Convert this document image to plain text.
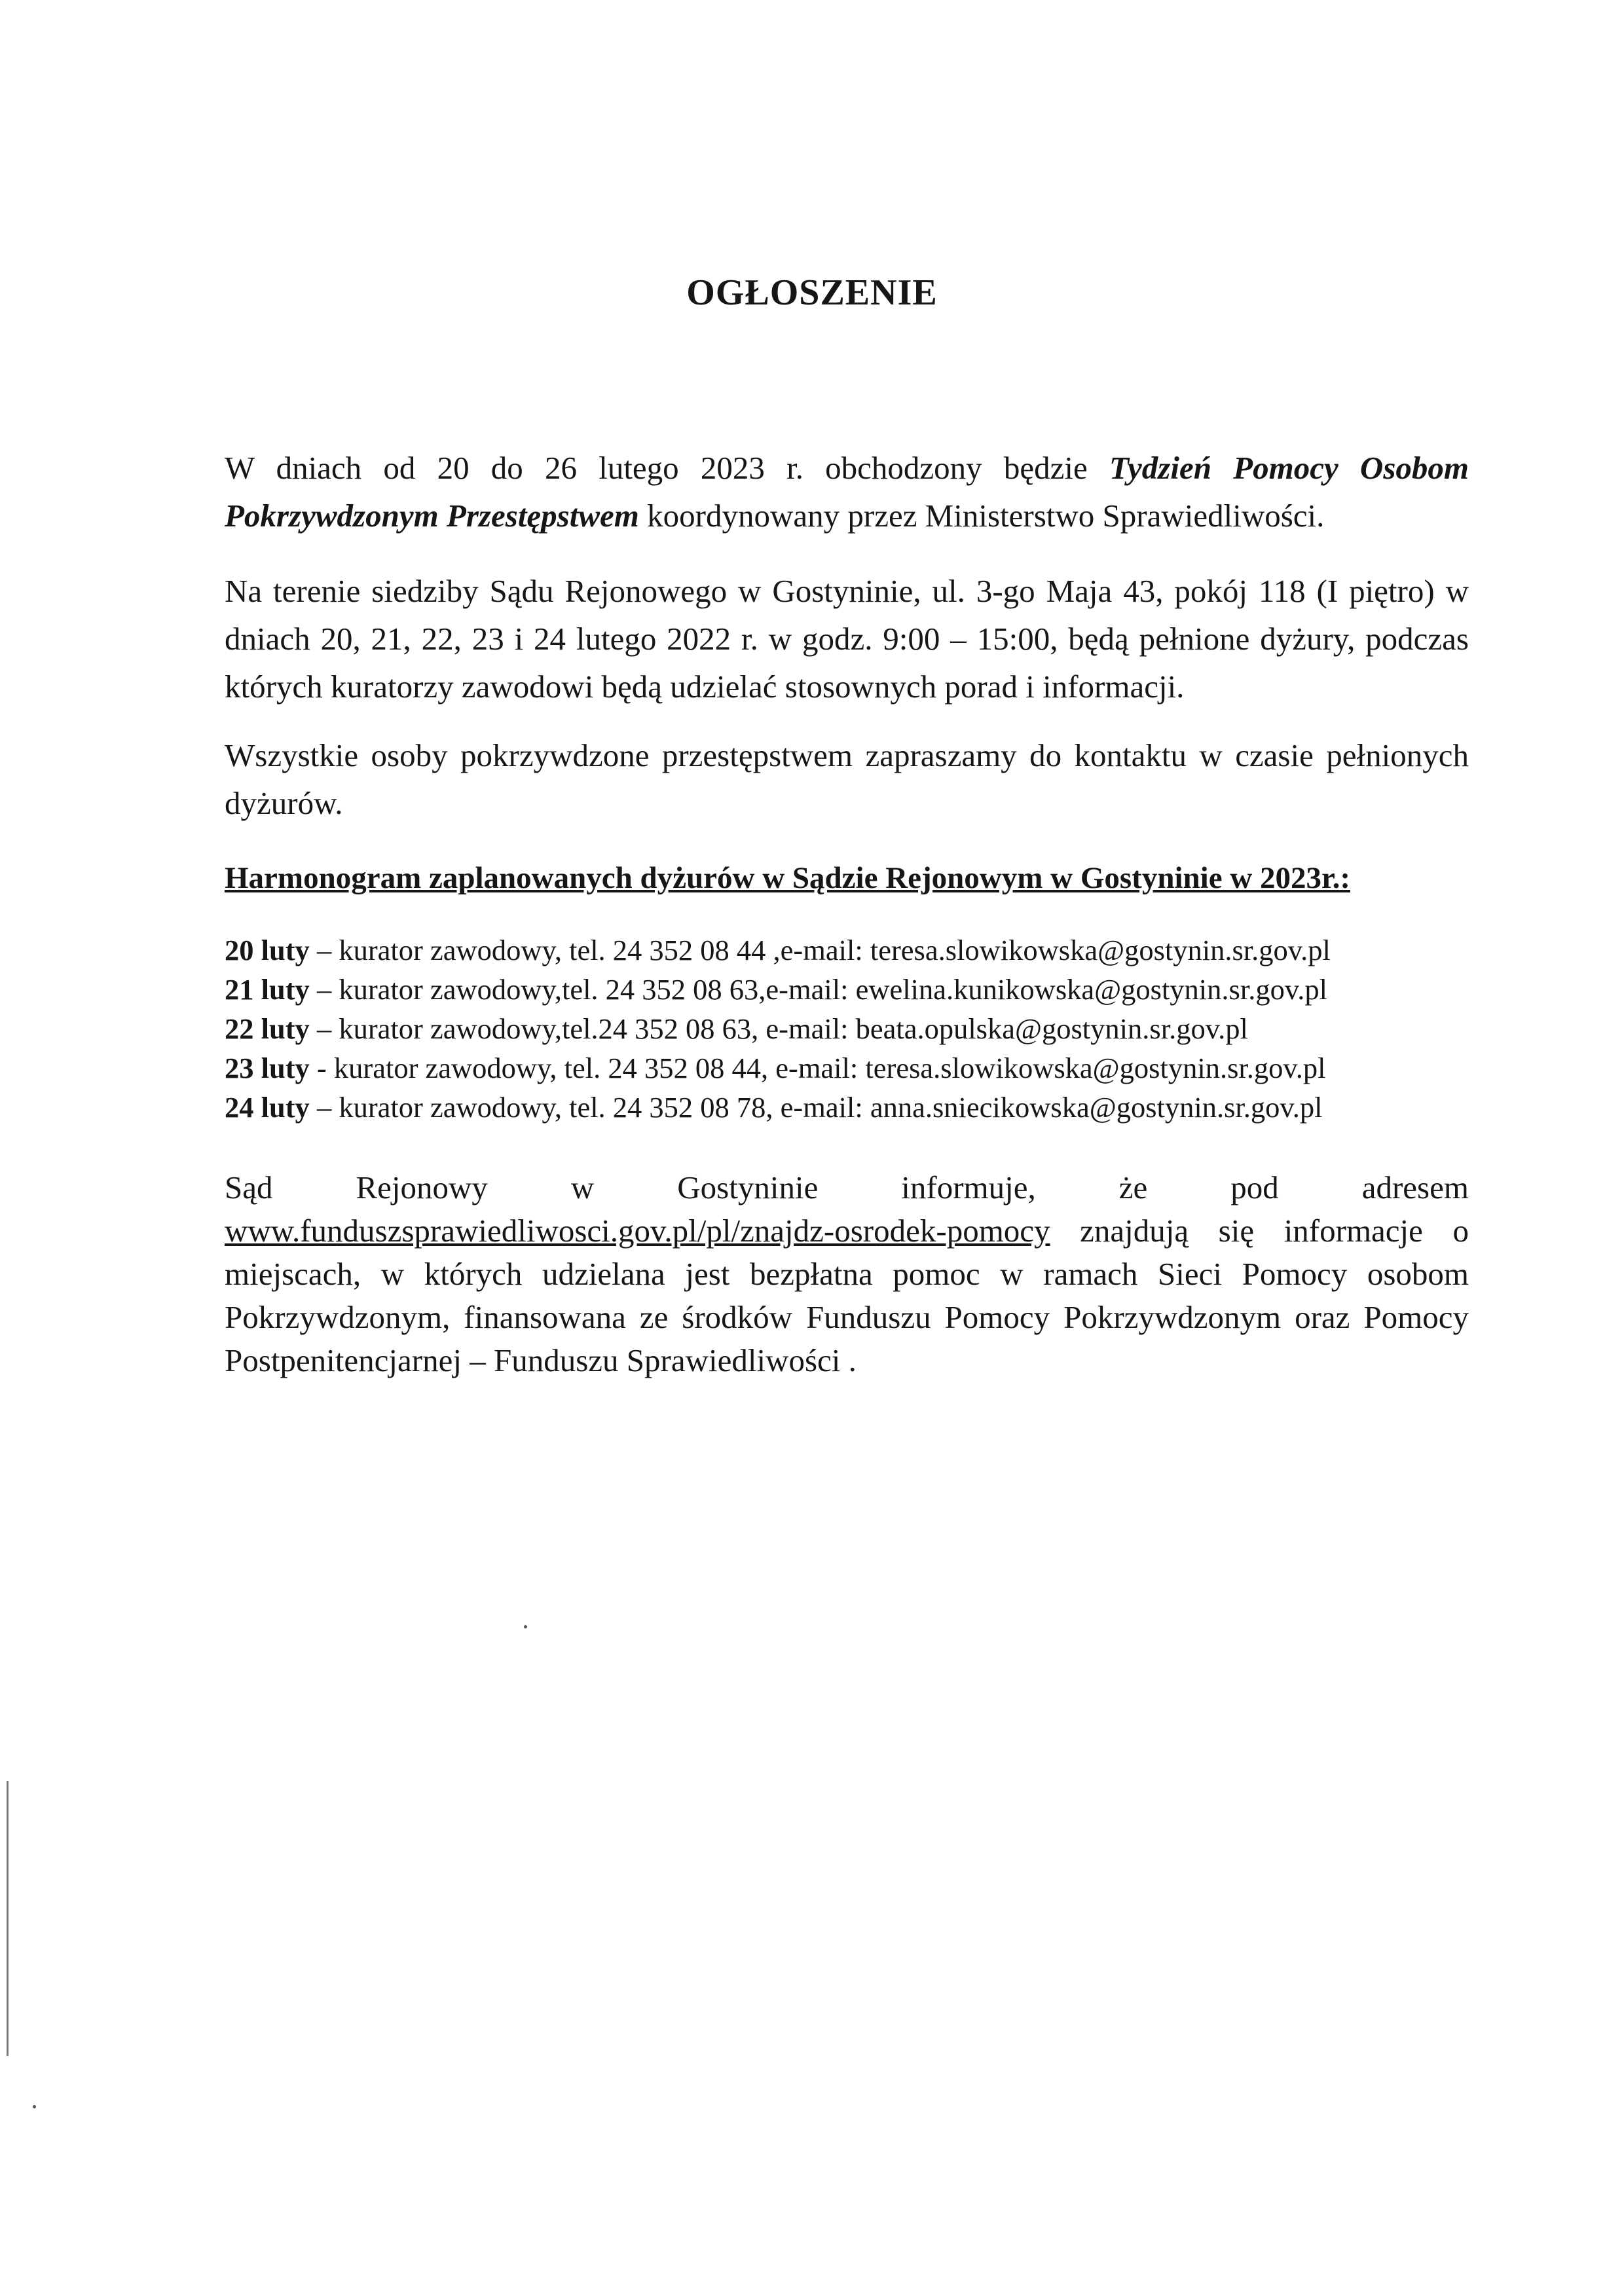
OGŁOSZENIE

W dniach od 20 do 26 lutego 2023 r. obchodzony będzie Tydzień Pomocy Osobom Pokrzywdzonym Przestępstwem koordynowany przez Ministerstwo Sprawiedliwości.

Na terenie siedziby Sądu Rejonowego w Gostyninie, ul. 3-go Maja 43, pokój 118 (I piętro) w dniach 20, 21, 22, 23 i 24 lutego 2022 r. w godz. 9:00 – 15:00, będą pełnione dyżury, podczas których kuratorzy zawodowi będą udzielać stosownych porad i informacji.

Wszystkie osoby pokrzywdzone przestępstwem zapraszamy do kontaktu w czasie pełnionych dyżurów.

Harmonogram zaplanowanych dyżurów w Sądzie Rejonowym w Gostyninie w 2023r.:
20 luty – kurator zawodowy, tel. 24 352 08 44 ,e-mail: teresa.slowikowska@gostynin.sr.gov.pl
21 luty – kurator zawodowy,tel. 24 352 08 63,e-mail: ewelina.kunikowska@gostynin.sr.gov.pl
22 luty – kurator zawodowy,tel.24 352 08 63, e-mail: beata.opulska@gostynin.sr.gov.pl
23 luty - kurator zawodowy, tel. 24 352 08 44, e-mail: teresa.slowikowska@gostynin.sr.gov.pl
24 luty – kurator zawodowy, tel. 24 352 08 78, e-mail: anna.sniecikowska@gostynin.sr.gov.pl

Sąd Rejonowy w Gostyninie informuje, że pod adresem www.funduszsprawiedliwosci.gov.pl/pl/znajdz-osrodek-pomocy znajdują się informacje o miejscach, w których udzielana jest bezpłatna pomoc w ramach Sieci Pomocy osobom Pokrzywdzonym, finansowana ze środków Funduszu Pomocy Pokrzywdzonym oraz Pomocy Postpenitencjarnej – Funduszu Sprawiedliwości .
